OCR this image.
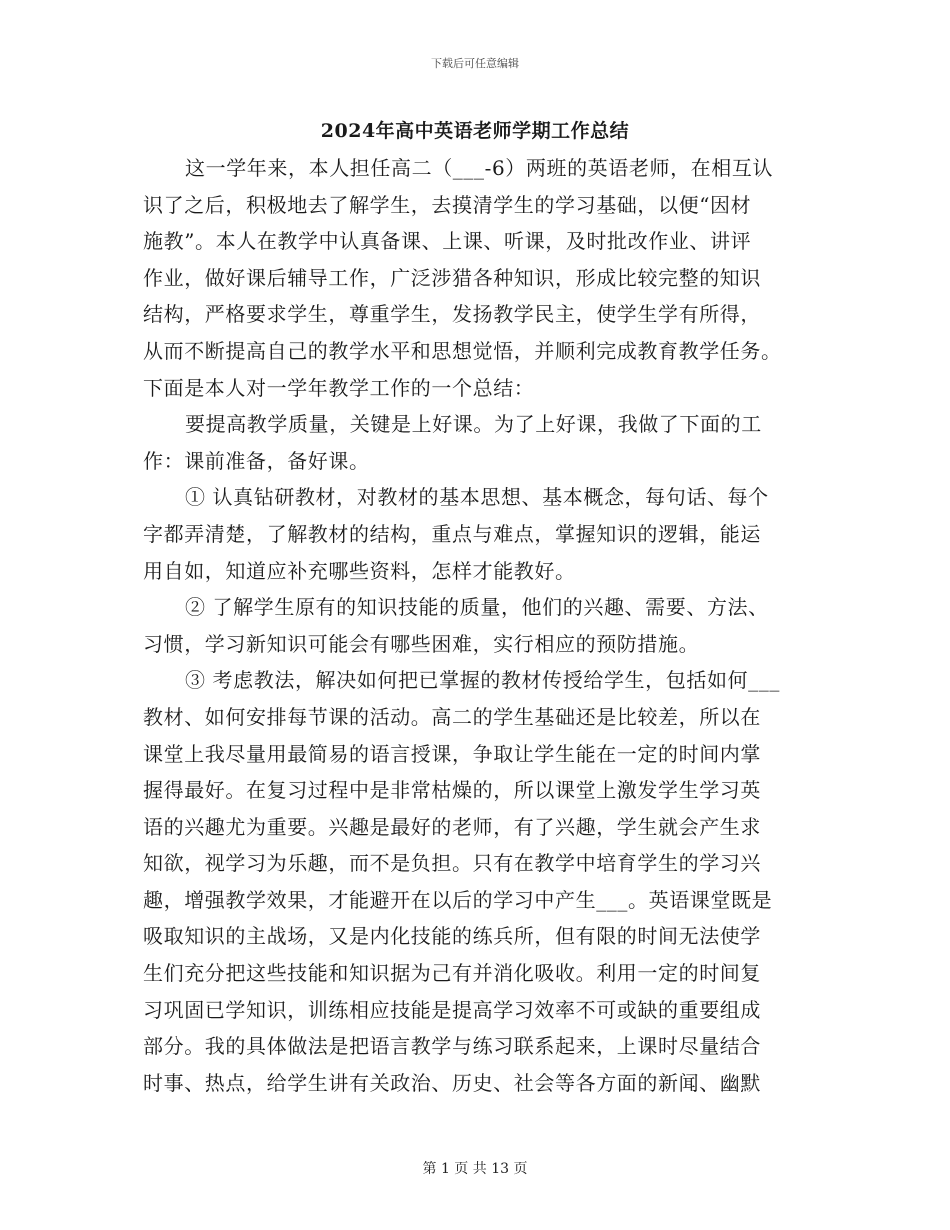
下载后可任意编辑
2024年高中英语老师学期工作总结
这一学年来，本人担任高二（___-6）两班的英语老师，在相互认
识了之后，积极地去了解学生，去摸清学生的学习基础，以便“因材
施教”。本人在教学中认真备课、上课、听课，及时批改作业、讲评
作业，做好课后辅导工作，广泛涉猎各种知识，形成比较完整的知识
结构，严格要求学生，尊重学生，发扬教学民主，使学生学有所得，
从而不断提高自己的教学水平和思想觉悟，并顺利完成教育教学任务。
下面是本人对一学年教学工作的一个总结：
要提高教学质量，关键是上好课。为了上好课，我做了下面的工
作：课前准备，备好课。
① 认真钻研教材，对教材的基本思想、基本概念，每句话、每个
字都弄清楚，了解教材的结构，重点与难点，掌握知识的逻辑，能运
用自如，知道应补充哪些资料，怎样才能教好。
② 了解学生原有的知识技能的质量，他们的兴趣、需要、方法、
习惯，学习新知识可能会有哪些困难，实行相应的预防措施。
③ 考虑教法，解决如何把已掌握的教材传授给学生，包括如何___
教材、如何安排每节课的活动。高二的学生基础还是比较差，所以在
课堂上我尽量用最简易的语言授课，争取让学生能在一定的时间内掌
握得最好。在复习过程中是非常枯燥的，所以课堂上激发学生学习英
语的兴趣尤为重要。兴趣是最好的老师，有了兴趣，学生就会产生求
知欲，视学习为乐趣，而不是负担。只有在教学中培育学生的学习兴
趣，增强教学效果，才能避开在以后的学习中产生___。英语课堂既是
吸取知识的主战场，又是内化技能的练兵所，但有限的时间无法使学
生们充分把这些技能和知识据为己有并消化吸收。利用一定的时间复
习巩固已学知识，训练相应技能是提高学习效率不可或缺的重要组成
部分。我的具体做法是把语言教学与练习联系起来，上课时尽量结合
时事、热点，给学生讲有关政治、历史、社会等各方面的新闻、幽默
第 1 页 共 13 页
